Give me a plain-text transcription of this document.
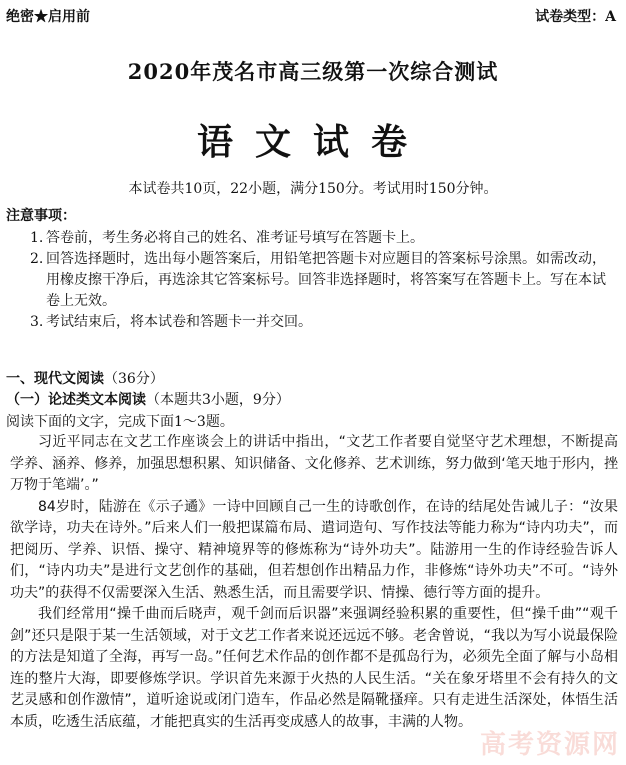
绝密★启用前	试卷类型：A
2020年茂名市高三级第一次综合测试
语文试卷
本试卷共10页，22小题，满分150分。考试用时150分钟。
注意事项：
1. 答卷前，考生务必将自己的姓名、准考证号填写在答题卡上。
2. 回答选择题时，选出每小题答案后，用铅笔把答题卡对应题目的答案标号涂黑。如需改动，用橡皮擦干净后，再选涂其它答案标号。回答非选择题时，将答案写在答题卡上。写在本试卷上无效。
3. 考试结束后，将本试卷和答题卡一并交回。
一、现代文阅读（36分）
（一）论述类文本阅读（本题共3小题，9分）
阅读下面的文字，完成下面1～3题。

习近平同志在文艺工作座谈会上的讲话中指出，“文艺工作者要自觉坚守艺术理想，不断提高学养、涵养、修养，加强思想积累、知识储备、文化修养、艺术训练，努力做到‘笔天地于形内，挫万物于笔端’。”

84岁时，陆游在《示子遹》一诗中回顾自己一生的诗歌创作，在诗的结尾处告诫儿子：“汝果欲学诗，功夫在诗外。”后来人们一般把谋篇布局、遣词造句、写作技法等能力称为“诗内功夫”，而把阅历、学养、识悟、操守、精神境界等的修炼称为“诗外功夫”。陆游用一生的作诗经验告诉人们，“诗内功夫”是进行文艺创作的基础，但若想创作出精品力作，非修炼“诗外功夫”不可。“诗外功夫”的获得不仅需要深入生活、熟悉生活，而且需要学识、情操、德行等方面的提升。

我们经常用“操千曲而后晓声，观千剑而后识器”来强调经验积累的重要性，但“操千曲”“观千剑”还只是限于某一生活领域，对于文艺工作者来说还远远不够。老舍曾说，“我以为写小说最保险的方法是知道了全海，再写一岛。”任何艺术作品的创作都不是孤岛行为，必须先全面了解与小岛相连的整片大海，即要修炼学识。学识首先来源于火热的人民生活。“关在象牙塔里不会有持久的文艺灵感和创作激情”，道听途说或闭门造车，作品必然是隔靴搔痒。只有走进生活深处，体悟生活本质，吃透生活底蕴，才能把真实的生活再变成感人的故事，丰满的人物。

高考资源网
